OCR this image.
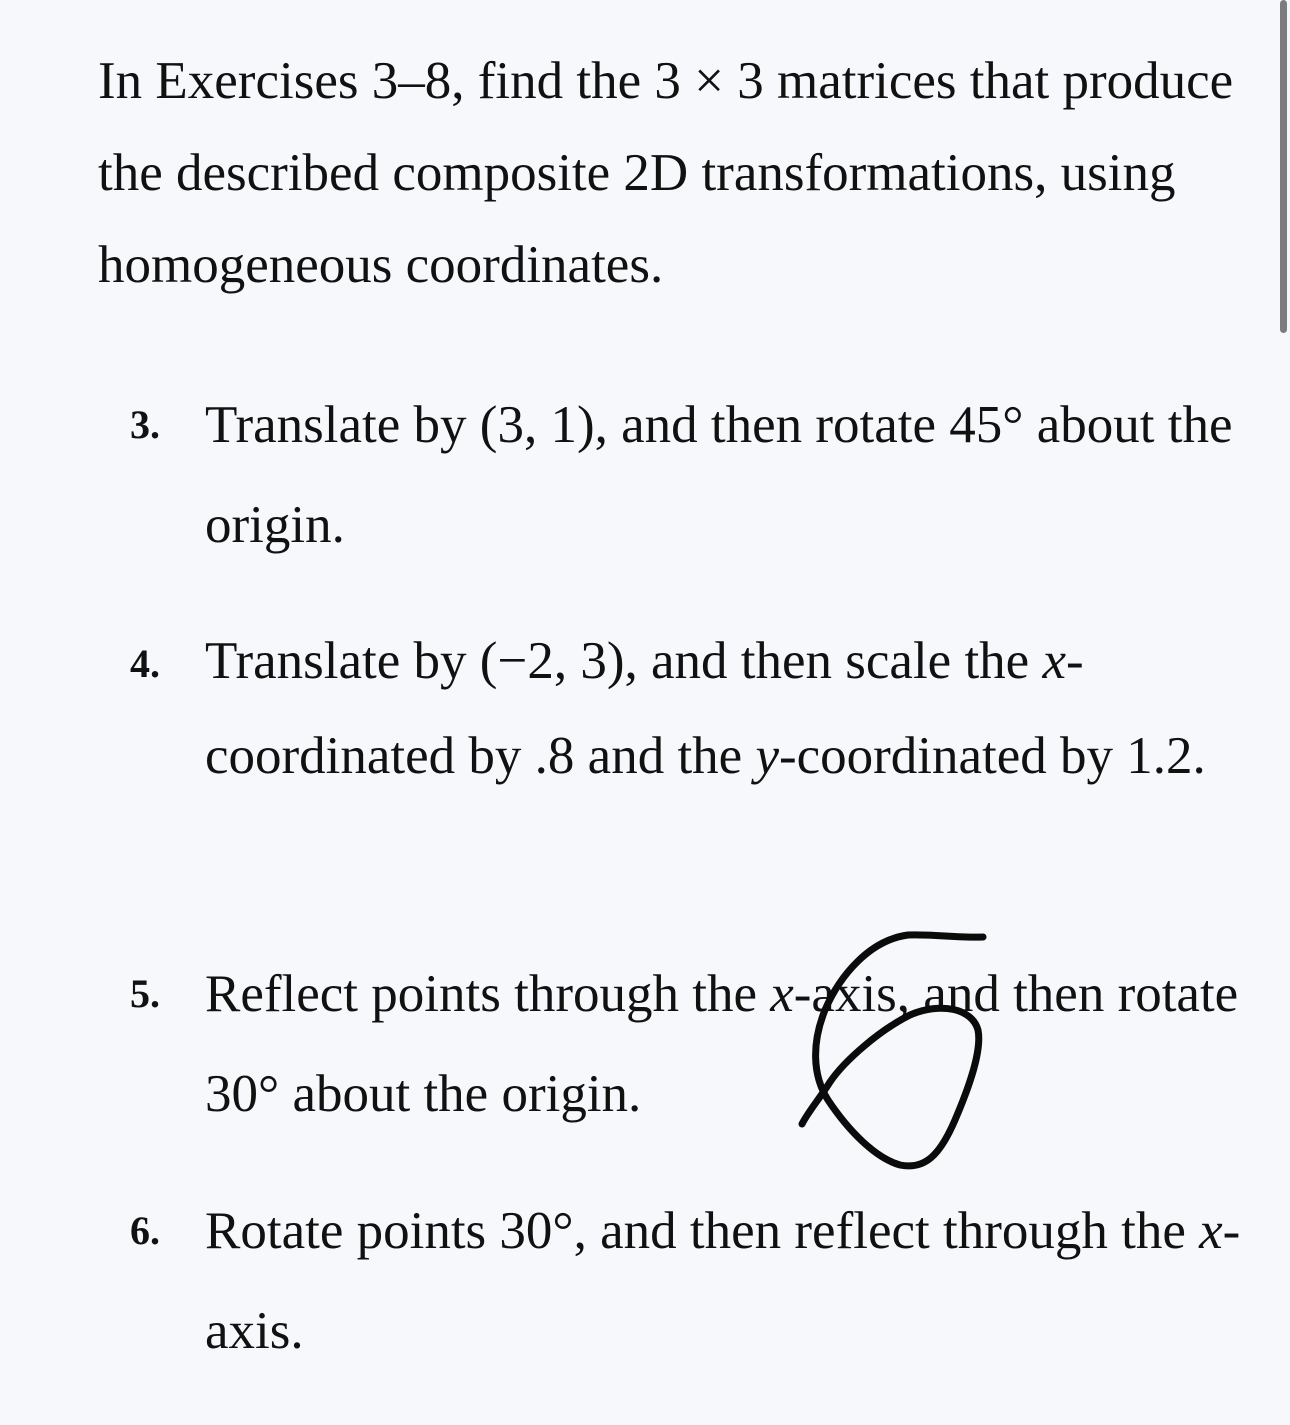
In Exercises 3–8, find the 3 × 3 matrices that produce the described composite 2D transformations, using homogeneous coordinates.

3. Translate by (3, 1), and then rotate 45° about the origin.
4. Translate by (−2, 3), and then scale the x-coordinated by .8 and the y-coordinated by 1.2.
5. Reflect points through the x-axis, and then rotate 30° about the origin.
6. Rotate points 30°, and then reflect through the x-axis.
